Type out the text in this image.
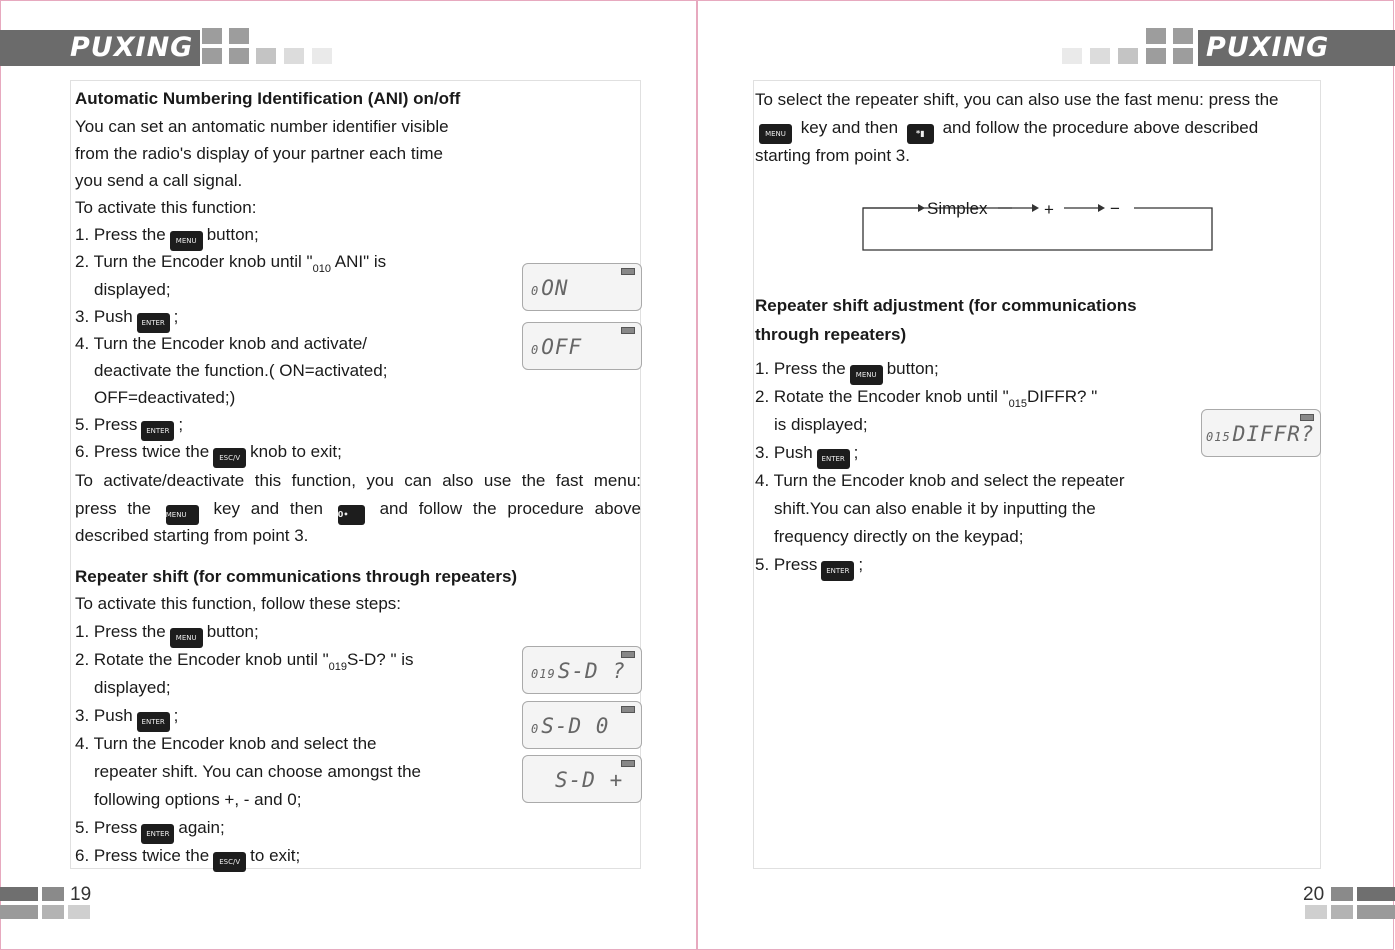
PUXING	PUXING
Automatic Numbering Identification (ANI) on/off
You can set an antomatic number identifier visible
from the radio's display of your partner each time
you send a call signal.
To activate this function:
1. Press the MENU button;
2. Turn the Encoder knob until "$_{010}$ ANI" is
displayed;
3. Push ENTER ;
4. Turn the Encoder knob and activate/
deactivate the function.( ON=activated;
OFF=deactivated;)
5. Press ENTER ;
6. Press twice the ESC/V knob to exit;
To activate/deactivate this function, you can also use the fast menu:
press the MENU key and then 0• and follow the procedure above
described starting from point 3.
Repeater shift (for communications through repeaters)
To activate this function, follow these steps:
1. Press the MENU button;
2. Rotate the Encoder knob until "$_{019}S-D$? " is
displayed;
3. Push ENTER ;
4. Turn the Encoder knob and select the
repeater shift. You can choose amongst the
following options +, - and 0;
5. Press ENTER again;
6. Press twice the ESC/V to exit;
0ON
0OFF
019S-D ?
0S-D 0
S-D +
To select the repeater shift, you can also use the fast menu: press the
MENU key and then *▮ and follow the procedure above described
starting from point 3.
Simplex	+	−
Repeater shift adjustment (for communications
through repeaters)
1. Press the MENU button;
2. Rotate the Encoder knob until "$_{015}DIFFR$? "
is displayed;
3. Push ENTER ;
4. Turn the Encoder knob and select the repeater
shift.You can also enable it by inputting the
frequency directly on the keypad;
5. Press ENTER ;
015DIFFR?
19	20
